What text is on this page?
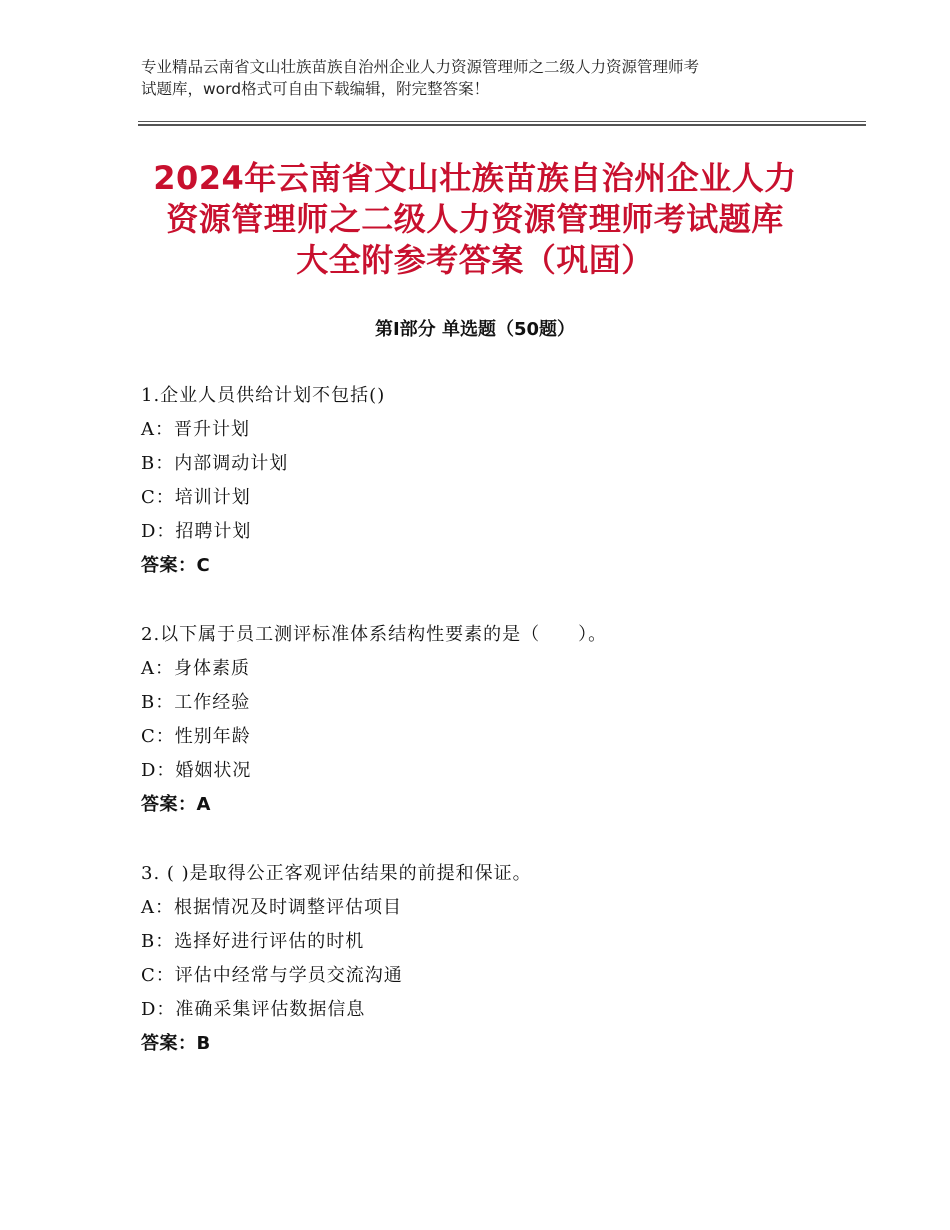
专业精品云南省文山壮族苗族自治州企业人力资源管理师之二级人力资源管理师考
试题库，word格式可自由下载编辑，附完整答案！
2024年云南省文山壮族苗族自治州企业人力
资源管理师之二级人力资源管理师考试题库
大全附参考答案（巩固）
第Ⅰ部分 单选题（50题）
1.企业人员供给计划不包括()
A：晋升计划
B：内部调动计划
C：培训计划
D：招聘计划
答案：C
2.以下属于员工测评标准体系结构性要素的是（　　）。
A：身体素质
B：工作经验
C：性别年龄
D：婚姻状况
答案：A
3. ( )是取得公正客观评估结果的前提和保证。
A：根据情况及时调整评估项目
B：选择好进行评估的时机
C：评估中经常与学员交流沟通
D：准确采集评估数据信息
答案：B
